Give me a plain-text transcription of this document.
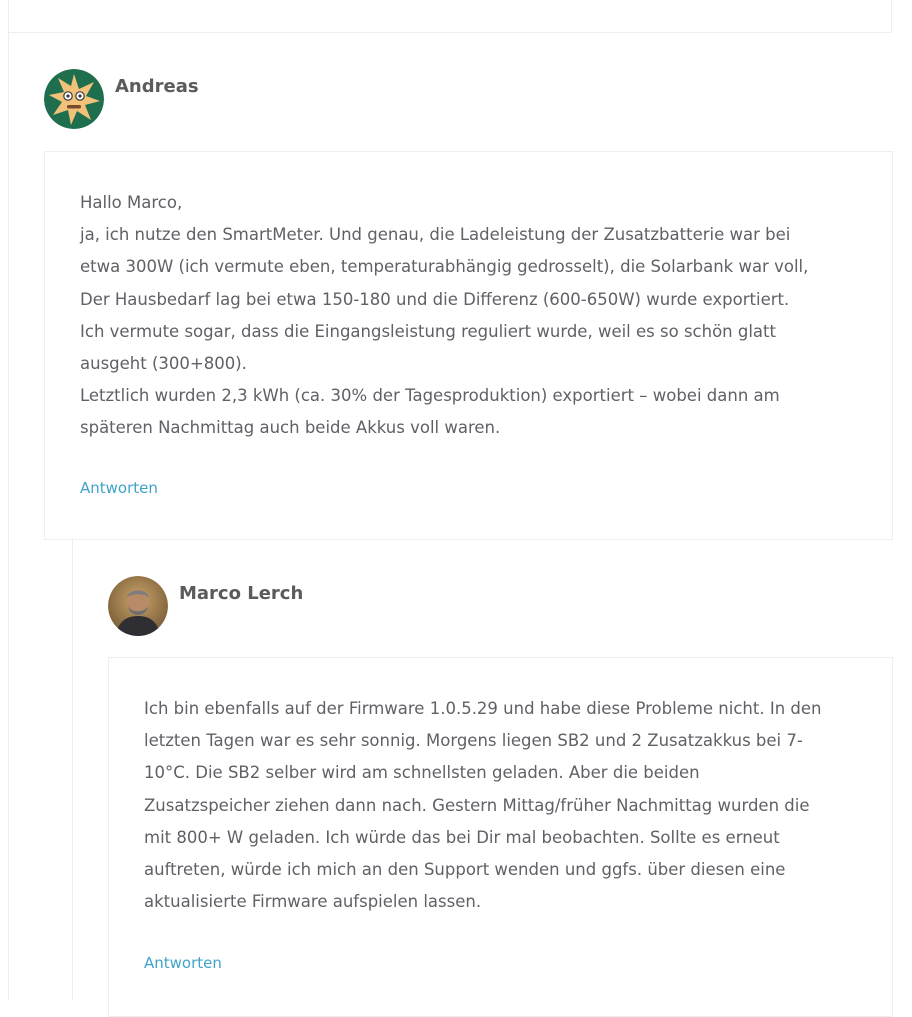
Andreas
Hallo Marco,
ja, ich nutze den SmartMeter. Und genau, die Ladeleistung der Zusatzbatterie war bei
etwa 300W (ich vermute eben, temperaturabhängig gedrosselt), die Solarbank war voll,
Der Hausbedarf lag bei etwa 150-180 und die Differenz (600-650W) wurde exportiert.
Ich vermute sogar, dass die Eingangsleistung reguliert wurde, weil es so schön glatt
ausgeht (300+800).
Letztlich wurden 2,3 kWh (ca. 30% der Tagesproduktion) exportiert – wobei dann am
späteren Nachmittag auch beide Akkus voll waren.
Antworten
Marco Lerch
Ich bin ebenfalls auf der Firmware 1.0.5.29 und habe diese Probleme nicht. In den
letzten Tagen war es sehr sonnig. Morgens liegen SB2 und 2 Zusatzakkus bei 7-
10°C. Die SB2 selber wird am schnellsten geladen. Aber die beiden
Zusatzspeicher ziehen dann nach. Gestern Mittag/früher Nachmittag wurden die
mit 800+ W geladen. Ich würde das bei Dir mal beobachten. Sollte es erneut
auftreten, würde ich mich an den Support wenden und ggfs. über diesen eine
aktualisierte Firmware aufspielen lassen.
Antworten
